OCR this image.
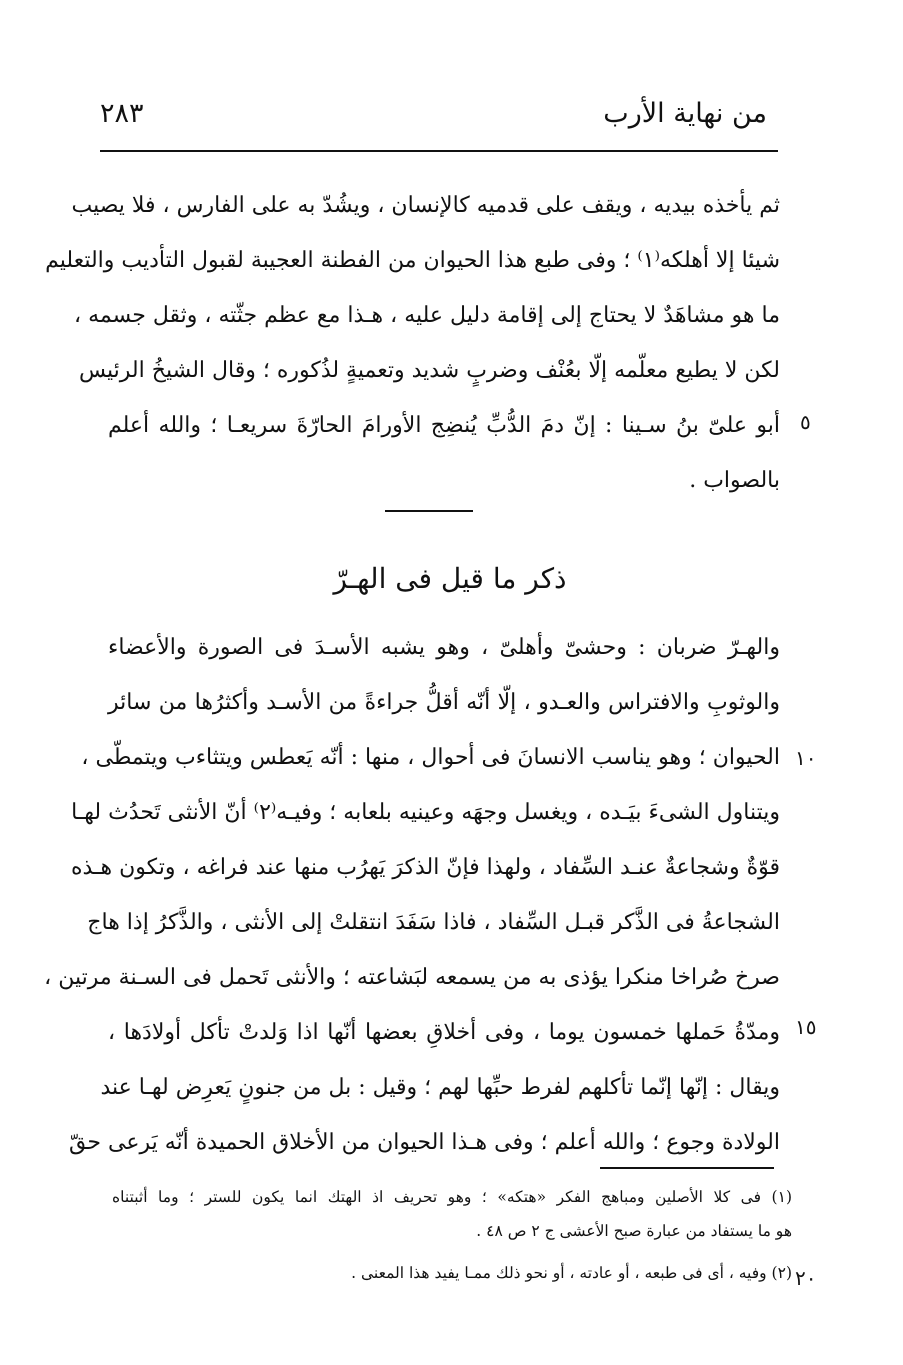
من نهاية الأرب
٢٨٣
ثم يأخذه بيديه ، ويقف على قدميه كالإنسان ، ويشُدّ به على الفارس ، فلا يصيب
شيئا إلا أهلكه⁽١⁾ ؛ وفى طبع هذا الحيوان من الفطنة العجيبة لقبول التأديب والتعليم
ما هو مشاهَدٌ لا يحتاج إلى إقامة دليل عليه ، هـذا مع عظم جثّته ، وثقل جسمه ،
لكن لا يطيع معلّمه إلّا بعُنْف وضربٍ شديد وتعميةٍ لذُكوره ؛ وقال الشيخُ الرئيس
أبو علىّ بنُ سـينا : إنّ دمَ الدُّبِّ يُنضِج الأورامَ الحارّةَ سريعـا ؛ والله أعلم
بالصواب .
ذكر ما قيل فى الهـرّ
والهـرّ ضربان : وحشىّ وأهلىّ ، وهو يشبه الأسـدَ فى الصورة والأعضاء
والوثوبِ والافتراس والعـدو ، إلّا أنّه أقلُّ جراءةً من الأسـد وأكثرُها من سائر
الحيوان ؛ وهو يناسب الانسانَ فى أحوال ، منها : أنّه يَعطس ويتثاءب ويتمطّى ،
ويتناول الشىءَ بيَـده ، ويغسل وجهَه وعينيه بلعابه ؛ وفيـه⁽٢⁾ أنّ الأنثى تَحدُث لهـا
قوّةٌ وشجاعةٌ عنـد السِّفاد ، ولهذا فإنّ الذكرَ يَهرُب منها عند فراغه ، وتكون هـذه
الشجاعةُ فى الذَّكر قبـل السِّفاد ، فاذا سَفَدَ انتقلتْ إلى الأنثى ، والذَّكرُ إذا هاج
صرخ صُراخا منكرا يؤذى به من يسمعه لبَشاعته ؛ والأنثى تَحمل فى السـنة مرتين ،
ومدّةُ حَملها خمسون يوما ، وفى أخلاقِ بعضها أنّها اذا وَلدتْ تأكل أولادَها ،
ويقال : إنّها إنّما تأكلهم لفرط حبِّها لهم ؛ وقيل : بل من جنونٍ يَعرِض لهـا عند
الولادة وجوع ؛ والله أعلم ؛ وفى هـذا الحيوان من الأخلاق الحميدة أنّه يَرعى حقّ
٥
١٠
١٥
٢٠
(١) فى كلا الأصلين ومباهج الفكر «هتكه» ؛ وهو تحريف اذ الهتك انما يكون للستر ؛ وما أثبتناه
هو ما يستفاد من عبارة صبح الأعشى ج ٢ ص ٤٨ .
(٢) وفيه ، أى فى طبعه ، أو عادته ، أو نحو ذلك ممـا يفيد هذا المعنى .
